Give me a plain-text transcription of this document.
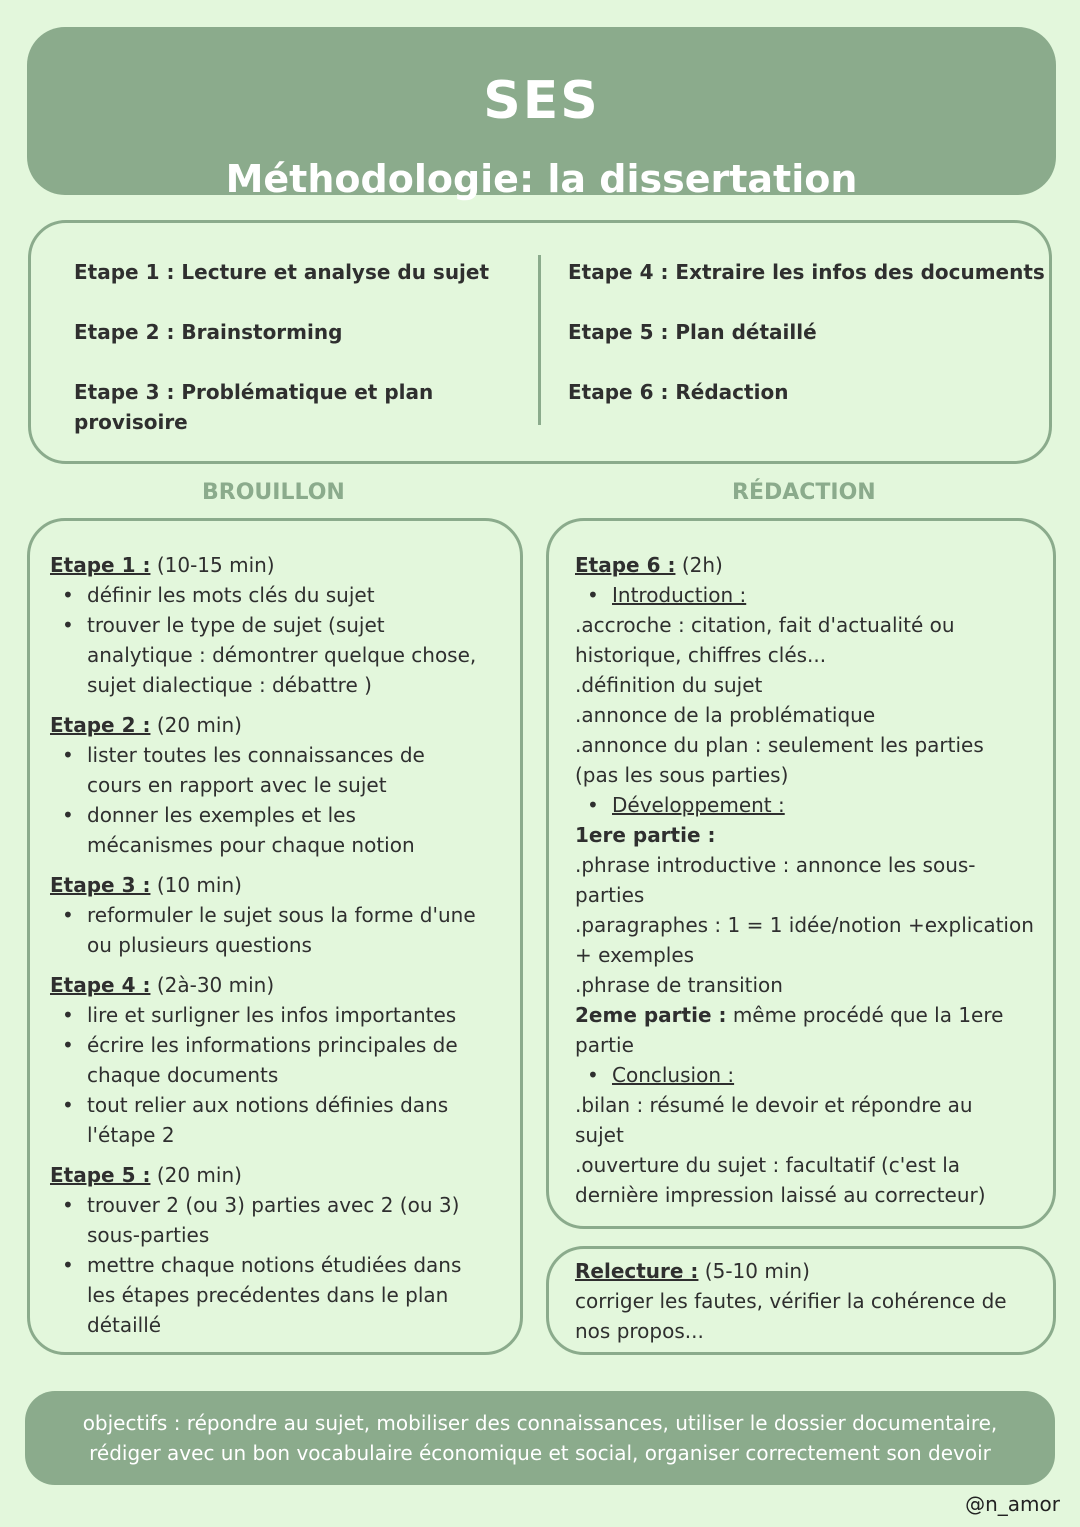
SES
Méthodologie: la dissertation
Etape 1 : Lecture et analyse du sujet
Etape 2 : Brainstorming
Etape 3 : Problématique et plan provisoire
Etape 4 : Extraire les infos des documents
Etape 5 : Plan détaillé
Etape 6 : Rédaction
BROUILLON	RÉDACTION
Etape 1 : (10-15 min)
• définir les mots clés du sujet
• trouver le type de sujet (sujet
analytique : démontrer quelque chose,
sujet dialectique : débattre )
Etape 2 : (20 min)
• lister toutes les connaissances de
cours en rapport avec le sujet
• donner les exemples et les
mécanismes pour chaque notion
Etape 3 : (10 min)
• reformuler le sujet sous la forme d'une
ou plusieurs questions
Etape 4 : (2à-30 min)
• lire et surligner les infos importantes
• écrire les informations principales de
chaque documents
• tout relier aux notions définies dans
l'étape 2
Etape 5 : (20 min)
• trouver 2 (ou 3) parties avec 2 (ou 3)
sous-parties
• mettre chaque notions étudiées dans
les étapes precédentes dans le plan
détaillé
Etape 6 : (2h)
• Introduction :
.accroche : citation, fait d'actualité ou
historique, chiffres clés...
.définition du sujet
.annonce de la problématique
.annonce du plan : seulement les parties
(pas les sous parties)
• Développement :
1ere partie :
.phrase introductive : annonce les sous-
parties
.paragraphes : 1 = 1 idée/notion +explication
+ exemples
.phrase de transition
2eme partie : même procédé que la 1ere
partie
• Conclusion :
.bilan : résumé le devoir et répondre au
sujet
.ouverture du sujet : facultatif (c'est la
dernière impression laissé au correcteur)
Relecture : (5-10 min)
corriger les fautes, vérifier la cohérence de
nos propos...
objectifs : répondre au sujet, mobiliser des connaissances, utiliser le dossier documentaire,
rédiger avec un bon vocabulaire économique et social, organiser correctement son devoir
@n_amor
